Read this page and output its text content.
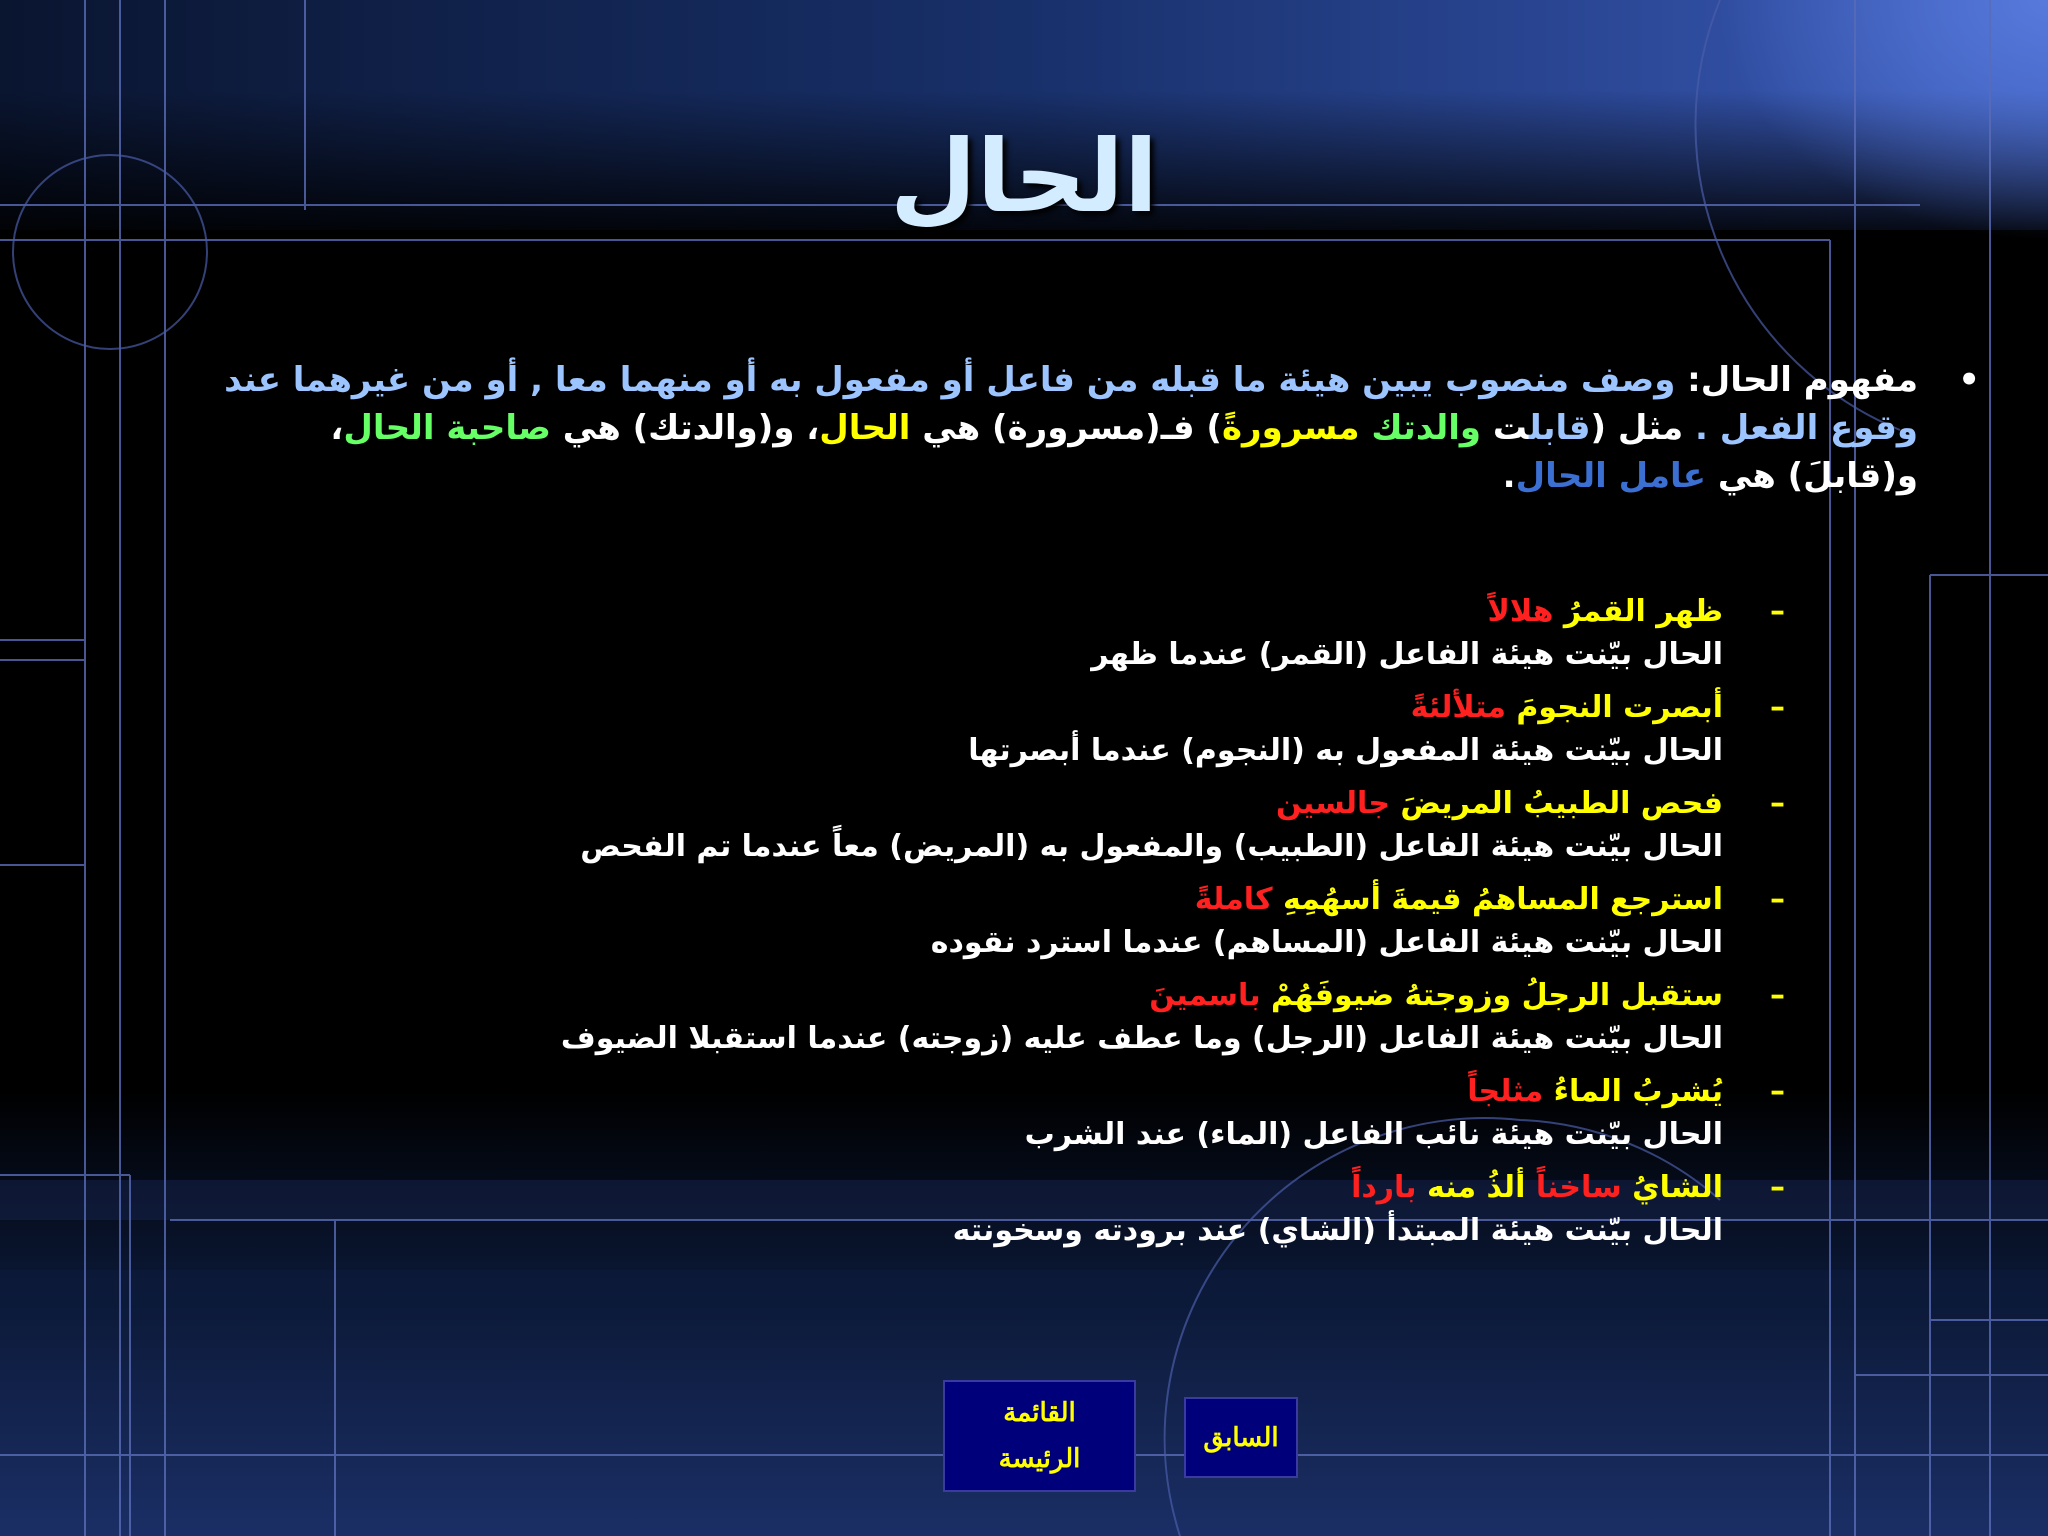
الحال
•
مفهوم الحال: وصف منصوب يبين هيئة ما قبله من فاعل أو مفعول به أو منهما معا , أو من غيرهما عند وقوع الفعل . مثل (قابلت والدتك مسرورةً) فـ(مسرورة) هي الحال، و(والدتك) هي صاحبة الحال، و(قابلَ) هي عامل الحال.
–
ظهر القمرُ هلالاً
الحال بيّنت هيئة الفاعل (القمر) عندما ظهر
–
أبصرت النجومَ متلألئةً
الحال بيّنت هيئة المفعول به (النجوم) عندما أبصرتها
–
فحص الطبيبُ المريضَ جالسين
الحال بيّنت هيئة الفاعل (الطبيب) والمفعول به (المريض) معاً عندما تم الفحص
–
استرجع المساهمُ قيمةَ أسهُمِهِ كاملةً
الحال بيّنت هيئة الفاعل (المساهم) عندما استرد نقوده
–
ستقبل الرجلُ وزوجتهُ ضيوفَهُمْ باسمينَ
الحال بيّنت هيئة الفاعل (الرجل) وما عطف عليه (زوجته) عندما استقبلا الضيوف
–
يُشربُ الماءُ مثلجاً
الحال بيّنت هيئة نائب الفاعل (الماء) عند الشرب
–
الشايُ ساخناً ألذُ منه بارداً
الحال بيّنت هيئة المبتدأ (الشاي) عند برودته وسخونته
القائمة
الرئيسة
السابق
